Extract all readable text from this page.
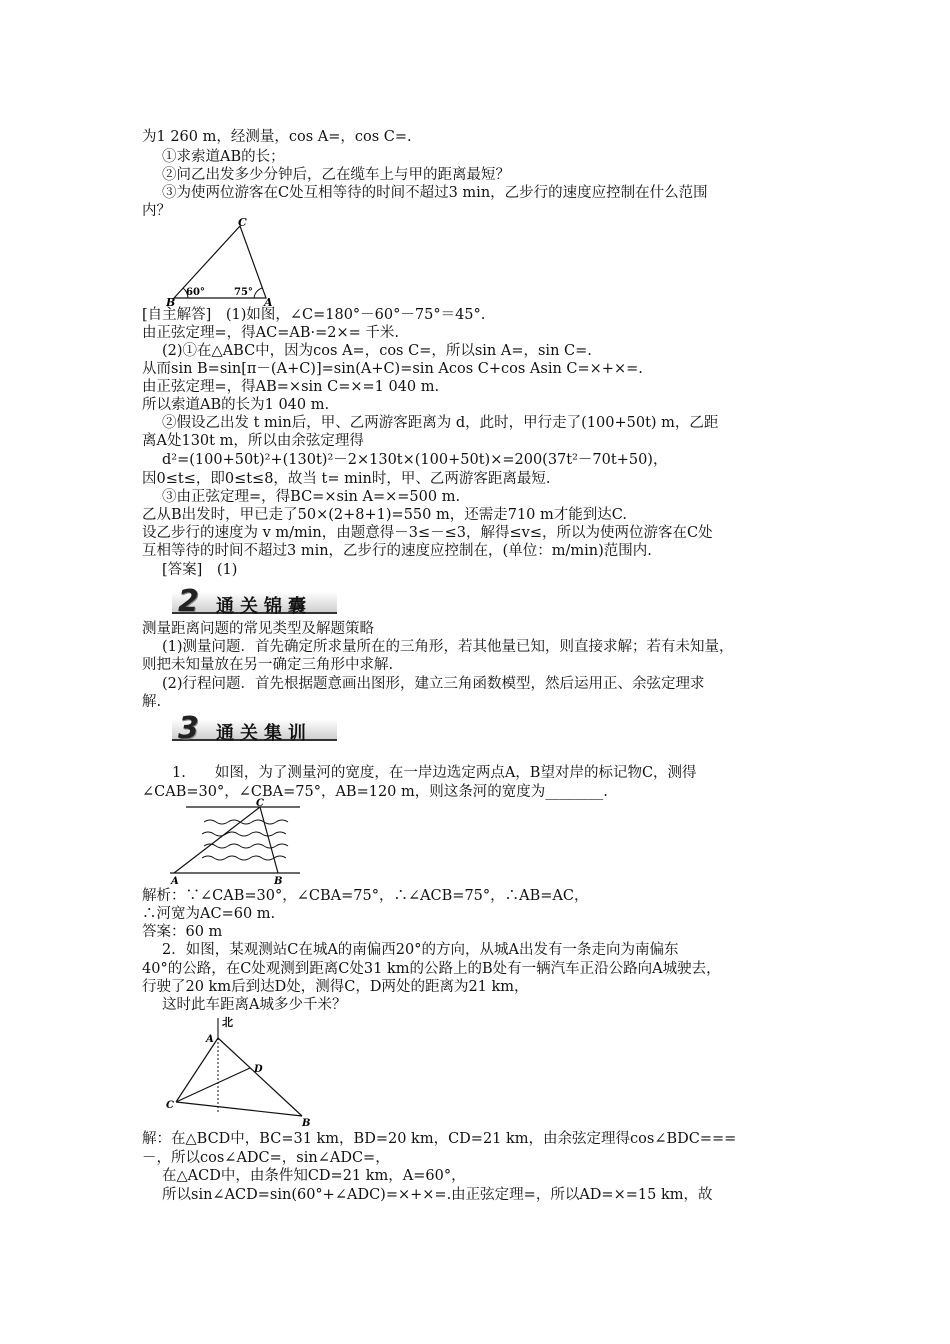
为1 260 m，经测量，cos A=，cos C=.
①求索道AB的长；
②问乙出发多少分钟后，乙在缆车上与甲的距离最短？
③为使两位游客在C处互相等待的时间不超过3 min，乙步行的速度应控制在什么范围
内？
C
B	A
60°	75°
[自主解答]　(1)如图，∠C=180°－60°－75°＝45°.
由正弦定理=，得AC=AB·=2×= 千米.
(2)①在△ABC中，因为cos A=，cos C=，所以sin A=，sin C=.
从而sin B=sin[π－(A+C)]=sin(A+C)=sin Acos C+cos Asin C=×+×=.
由正弦定理=，得AB=×sin C=×=1 040 m.
所以索道AB的长为1 040 m.
②假设乙出发 t min后，甲、乙两游客距离为 d，此时，甲行走了(100+50t) m，乙距
离A处130t m，所以由余弦定理得
d²=(100+50t)²+(130t)²－2×130t×(100+50t)×=200(37t²－70t+50)，
因0≤t≤，即0≤t≤8，故当 t= min时，甲、乙两游客距离最短.
③由正弦定理=，得BC=×sin A=×=500 m.
乙从B出发时，甲已走了50×(2+8+1)=550 m，还需走710 m才能到达C.
设乙步行的速度为 v m/min，由题意得－3≤－≤3，解得≤v≤，所以为使两位游客在C处
互相等待的时间不超过3 min，乙步行的速度应控制在，(单位：m/min)范围内.
[答案]　(1)
2 通关锦囊
测量距离问题的常见类型及解题策略
(1)测量问题．首先确定所求量所在的三角形，若其他量已知，则直接求解；若有未知量，
则把未知量放在另一确定三角形中求解.
(2)行程问题．首先根据题意画出图形，建立三角函数模型，然后运用正、余弦定理求
解.
3 通关集训
1.　　如图，为了测量河的宽度，在一岸边选定两点A，B望对岸的标记物C，测得
∠CAB=30°，∠CBA=75°，AB=120 m，则这条河的宽度为________.
C
A	B
解析：∵∠CAB=30°，∠CBA=75°，∴∠ACB=75°，∴AB=AC，
∴河宽为AC=60 m.
答案：60 m
2．如图，某观测站C在城A的南偏西20°的方向，从城A出发有一条走向为南偏东
40°的公路，在C处观测到距离C处31 km的公路上的B处有一辆汽车正沿公路向A城驶去，
行驶了20 km后到达D处，测得C，D两处的距离为21 km，
这时此车距离A城多少千米？
北
A
D
C
B
解：在△BCD中，BC=31 km，BD=20 km，CD=21 km，由余弦定理得cos∠BDC===
－，所以cos∠ADC=，sin∠ADC=，
在△ACD中，由条件知CD=21 km，A=60°，
所以sin∠ACD=sin(60°+∠ADC)=×+×=.由正弦定理=，所以AD=×=15 km，故
